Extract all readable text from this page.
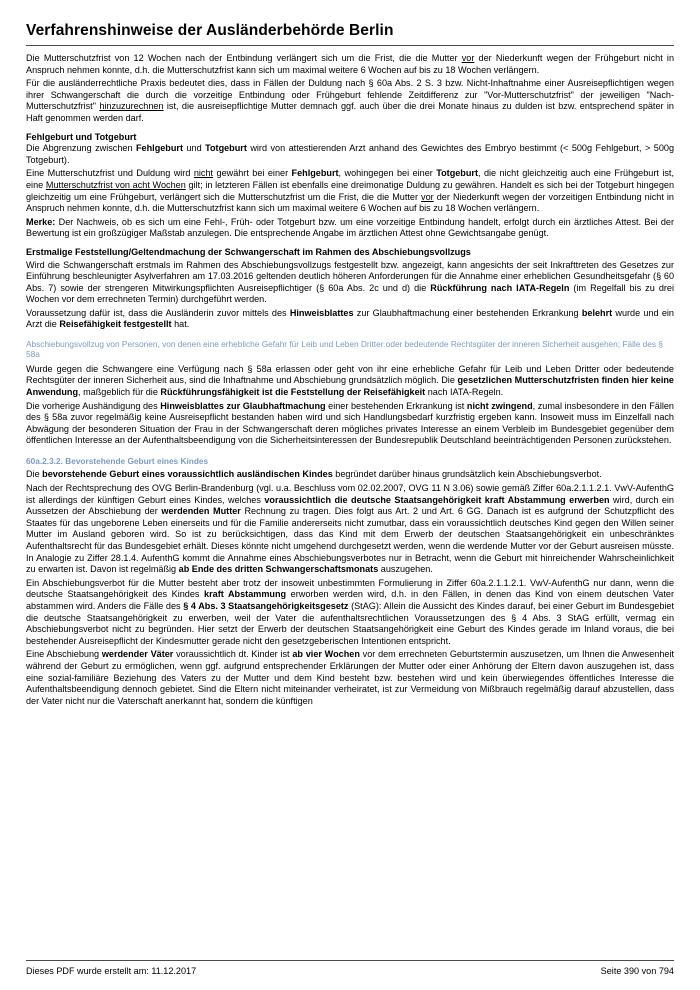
Verfahrenshinweise der Ausländerbehörde Berlin

Die Mutterschutzfrist von 12 Wochen nach der Entbindung verlängert sich um die Frist, die die Mutter vor der Niederkunft wegen der Frühgeburt nicht in Anspruch nehmen konnte, d.h. die Mutterschutzfrist kann sich um maximal weitere 6 Wochen auf bis zu 18 Wochen verlängern.

Für die ausländerrechtliche Praxis bedeutet dies, dass in Fällen der Duldung nach § 60a Abs. 2 S. 3 bzw. Nicht-Inhaftnahme einer Ausreisepflichtigen wegen ihrer Schwangerschaft die durch die vorzeitige Entbindung oder Frühgeburt fehlende Zeitdifferenz zur "Vor-Mutterschutzfrist" der jeweiligen "Nach-Mutterschutzfrist" hinzuzurechnen ist, die ausreisepflichtige Mutter demnach ggf. auch über die drei Monate hinaus zu dulden ist bzw. entsprechend später in Haft genommen werden darf.

Fehlgeburt und Totgeburt

Die Abgrenzung zwischen Fehlgeburt und Totgeburt wird von attestierenden Arzt anhand des Gewichtes des Embryo bestimmt (< 500g Fehlgeburt, > 500g Totgeburt).

Eine Mutterschutzfrist und Duldung wird nicht gewährt bei einer Fehlgeburt, wohingegen bei einer Totgeburt, die nicht gleichzeitig auch eine Frühgeburt ist, eine Mutterschutzfrist von acht Wochen gilt; in letzteren Fällen ist ebenfalls eine dreimonatige Duldung zu gewähren. Handelt es sich bei der Totgeburt hingegen gleichzeitig um eine Frühgeburt, verlängert sich die Mutterschutzfrist um die Frist, die die Mutter vor der Niederkunft wegen der vorzeitigen Entbindung nicht in Anspruch nehmen konnte, d.h. die Mutterschutzfrist kann sich um maximal weitere 6 Wochen auf bis zu 18 Wochen verlängern.

Merke: Der Nachweis, ob es sich um eine Fehl-, Früh- oder Totgeburt bzw. um eine vorzeitige Entbindung handelt, erfolgt durch ein ärztliches Attest. Bei der Bewertung ist ein großzügiger Maßstab anzulegen. Die entsprechende Angabe im ärztlichen Attest ohne Gewichtsangabe genügt.

Erstmalige Feststellung/Geltendmachung der Schwangerschaft im Rahmen des Abschiebungsvollzugs

Wird die Schwangerschaft erstmals im Rahmen des Abschiebungsvollzugs festgestellt bzw. angezeigt, kann angesichts der seit Inkrafttreten des Gesetzes zur Einführung beschleunigter Asylverfahren am 17.03.2016 geltenden deutlich höheren Anforderungen für die Annahme einer erheblichen Gesundheitsgefahr (§ 60 Abs. 7) sowie der strengeren Mitwirkungspflichten Ausreisepflichtiger (§ 60a Abs. 2c und d) die Rückführung nach IATA-Regeln (im Regelfall bis zu drei Wochen vor dem errechneten Termin) durchgeführt werden.

Voraussetzung dafür ist, dass die Ausländerin zuvor mittels des Hinweisblattes zur Glaubhaftmachung einer bestehenden Erkrankung belehrt wurde und ein Arzt die Reisefähigkeit festgestellt hat.

Abschiebungsvollzug von Personen, von denen eine erhebliche Gefahr für Leib und Leben Dritter oder bedeutende Rechtsgüter der inneren Sicherheit ausgehen; Fälle des § 58a

Wurde gegen die Schwangere eine Verfügung nach § 58a erlassen oder geht von ihr eine erhebliche Gefahr für Leib und Leben Dritter oder bedeutende Rechtsgüter der inneren Sicherheit aus, sind die Inhaftnahme und Abschiebung grundsätzlich möglich. Die gesetzlichen Mutterschutzfristen finden hier keine Anwendung, maßgeblich für die Rückführungsfähigkeit ist die Feststellung der Reisefähigkeit nach IATA-Regeln.

Die vorherige Aushändigung des Hinweisblattes zur Glaubhaftmachung einer bestehenden Erkrankung ist nicht zwingend, zumal insbesondere in den Fällen des § 58a zuvor regelmäßig keine Ausreisepflicht bestanden haben wird und sich Handlungsbedarf kurzfristig ergeben kann. Insoweit muss im Einzelfall nach Abwägung der besonderen Situation der Frau in der Schwangerschaft deren mögliches privates Interesse an einem Verbleib im Bundesgebiet gegenüber dem öffentlichen Interesse an der Aufenthaltsbeendigung von die Sicherheitsinteressen der Bundesrepublik Deutschland beeinträchtigenden Personen zurückstehen.

60a.2.3.2. Bevorstehende Geburt eines Kindes

Die bevorstehende Geburt eines voraussichtlich ausländischen Kindes begründet darüber hinaus grundsätzlich kein Abschiebungsverbot.

Nach der Rechtsprechung des OVG Berlin-Brandenburg (vgl. u.a. Beschluss vom 02.02.2007, OVG 11 N 3.06) sowie gemäß Ziffer 60a.2.1.1.2.1. VwV-AufenthG ist allerdings der künftigen Geburt eines Kindes, welches voraussichtlich die deutsche Staatsangehörigkeit kraft Abstammung erwerben wird, durch ein Aussetzen der Abschiebung der werdenden Mutter Rechnung zu tragen. Dies folgt aus Art. 2 und Art. 6 GG. Danach ist es aufgrund der Schutzpflicht des Staates für das ungeborene Leben einerseits und für die Familie andererseits nicht zumutbar, dass ein voraussichtlich deutsches Kind gegen den Willen seiner Mutter im Ausland geboren wird. So ist zu berücksichtigen, dass das Kind mit dem Erwerb der deutschen Staatsangehörigkeit ein unbeschränktes Aufenthaltsrecht für das Bundesgebiet erhält. Dieses könnte nicht umgehend durchgesetzt werden, wenn die werdende Mutter vor der Geburt ausreisen müsste. In Analogie zu Ziffer 28.1.4. AufenthG kommt die Annahme eines Abschiebungsverbotes nur in Betracht, wenn die Geburt mit hinreichender Wahrscheinlichkeit zu erwarten ist. Davon ist regelmäßig ab Ende des dritten Schwangerschaftsmonats auszugehen.

Ein Abschiebungsverbot für die Mutter besteht aber trotz der insoweit unbestimmten Formulierung in Ziffer 60a.2.1.1.2.1. VwV-AufenthG nur dann, wenn die deutsche Staatsangehörigkeit des Kindes kraft Abstammung erworben werden wird, d.h. in den Fällen, in denen das Kind von einem deutschen Vater abstammen wird. Anders die Fälle des § 4 Abs. 3 Staatsangehörigkeitsgesetz (StAG): Allein die Aussicht des Kindes darauf, bei einer Geburt im Bundesgebiet die deutsche Staatsangehörigkeit zu erwerben, weil der Vater die aufenthaltsrechtlichen Voraussetzungen des § 4 Abs. 3 StAG erfüllt, vermag ein Abschiebungsverbot nicht zu begründen. Hier setzt der Erwerb der deutschen Staatsangehörigkeit eine Geburt des Kindes gerade im Inland voraus, die bei bestehender Ausreisepflicht der Kindesmutter gerade nicht den gesetzgeberischen Intentionen entspricht.

Eine Abschiebung werdender Väter voraussichtlich dt. Kinder ist ab vier Wochen vor dem errechneten Geburtstermin auszusetzen, um Ihnen die Anwesenheit während der Geburt zu ermöglichen, wenn ggf. aufgrund entsprechender Erklärungen der Mutter oder einer Anhörung der Eltern davon auszugehen ist, dass eine sozial-familiäre Beziehung des Vaters zu der Mutter und dem Kind besteht bzw. bestehen wird und kein überwiegendes öffentliches Interesse die Aufenthaltsbeendigung dennoch gebietet. Sind die Eltern nicht miteinander verheiratet, ist zur Vermeidung von Mißbrauch regelmäßig darauf abzustellen, dass der Vater nicht nur die Vaterschaft anerkannt hat, sondern die künftigen

Dieses PDF wurde erstellt am: 11.12.2017	Seite 390 von 794
